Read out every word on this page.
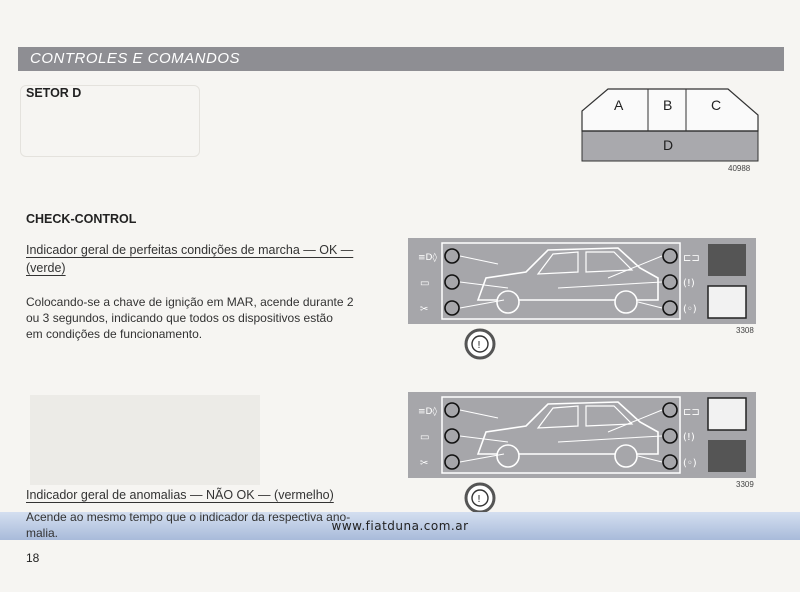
CONTROLES E COMANDOS
SETOR D
A	B	C
D
40988
CHECK-CONTROL
Indicador geral de perfeitas condições de marcha — OK —
(verde)
Colocando-se a chave de ignição em MAR, acende durante 2
ou 3 segundos, indicando que todos os dispositivos estão
em condições de funcionamento.
≡D◊
▭
✂
⊏⊐
(!)
(◦)
!
3308
≡D◊
▭
✂
⊏⊐
(!)
(◦)
!
3309
Indicador geral de anomalias — NÃO OK — (vermelho)
Acende ao mesmo tempo que o indicador da respectiva ano-
malia.	www.fiatduna.com.ar
18
